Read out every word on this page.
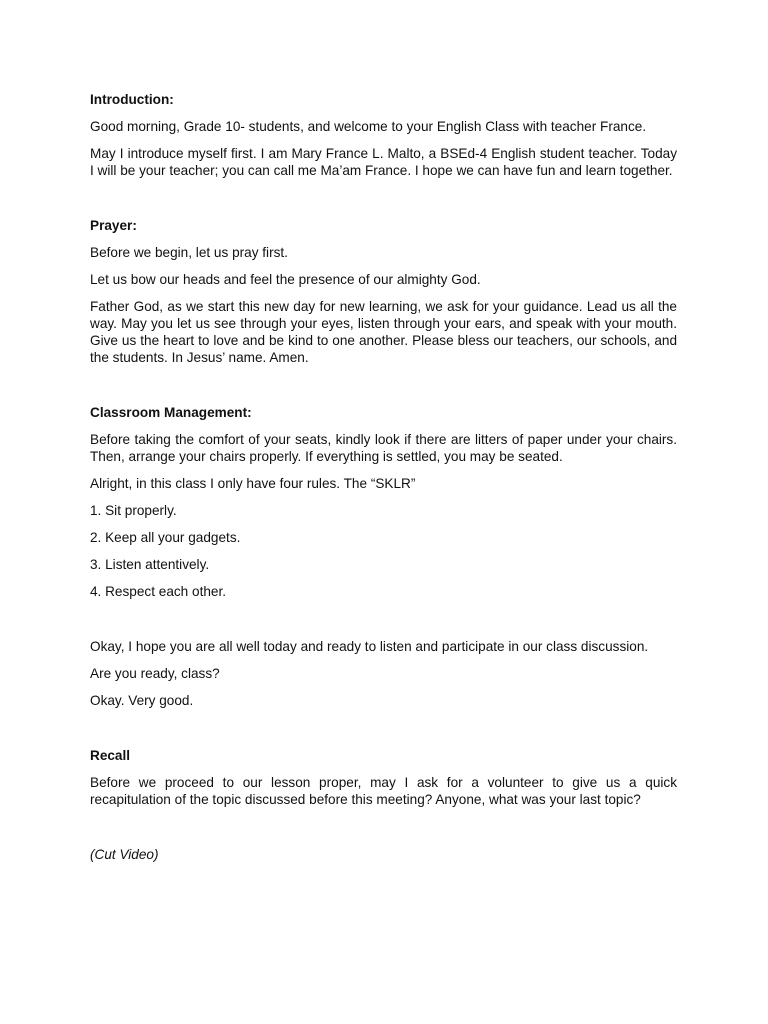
Introduction:
Good morning, Grade 10- students, and welcome to your English Class with teacher France.
May I introduce myself first. I am Mary France L. Malto, a BSEd-4 English student teacher. Today I will be your teacher; you can call me Ma’am France. I hope we can have fun and learn together.
Prayer:
Before we begin, let us pray first.
Let us bow our heads and feel the presence of our almighty God.
Father God, as we start this new day for new learning, we ask for your guidance. Lead us all the way. May you let us see through your eyes, listen through your ears, and speak with your mouth. Give us the heart to love and be kind to one another. Please bless our teachers, our schools, and the students. In Jesus’ name. Amen.
Classroom Management:
Before taking the comfort of your seats, kindly look if there are litters of paper under your chairs. Then, arrange your chairs properly. If everything is settled, you may be seated.
Alright, in this class I only have four rules. The “SKLR”
1. Sit properly.
2. Keep all your gadgets.
3. Listen attentively.
4. Respect each other.
Okay, I hope you are all well today and ready to listen and participate in our class discussion.
Are you ready, class?
Okay. Very good.
Recall
Before we proceed to our lesson proper, may I ask for a volunteer to give us a quick recapitulation of the topic discussed before this meeting? Anyone, what was your last topic?
(Cut Video)
